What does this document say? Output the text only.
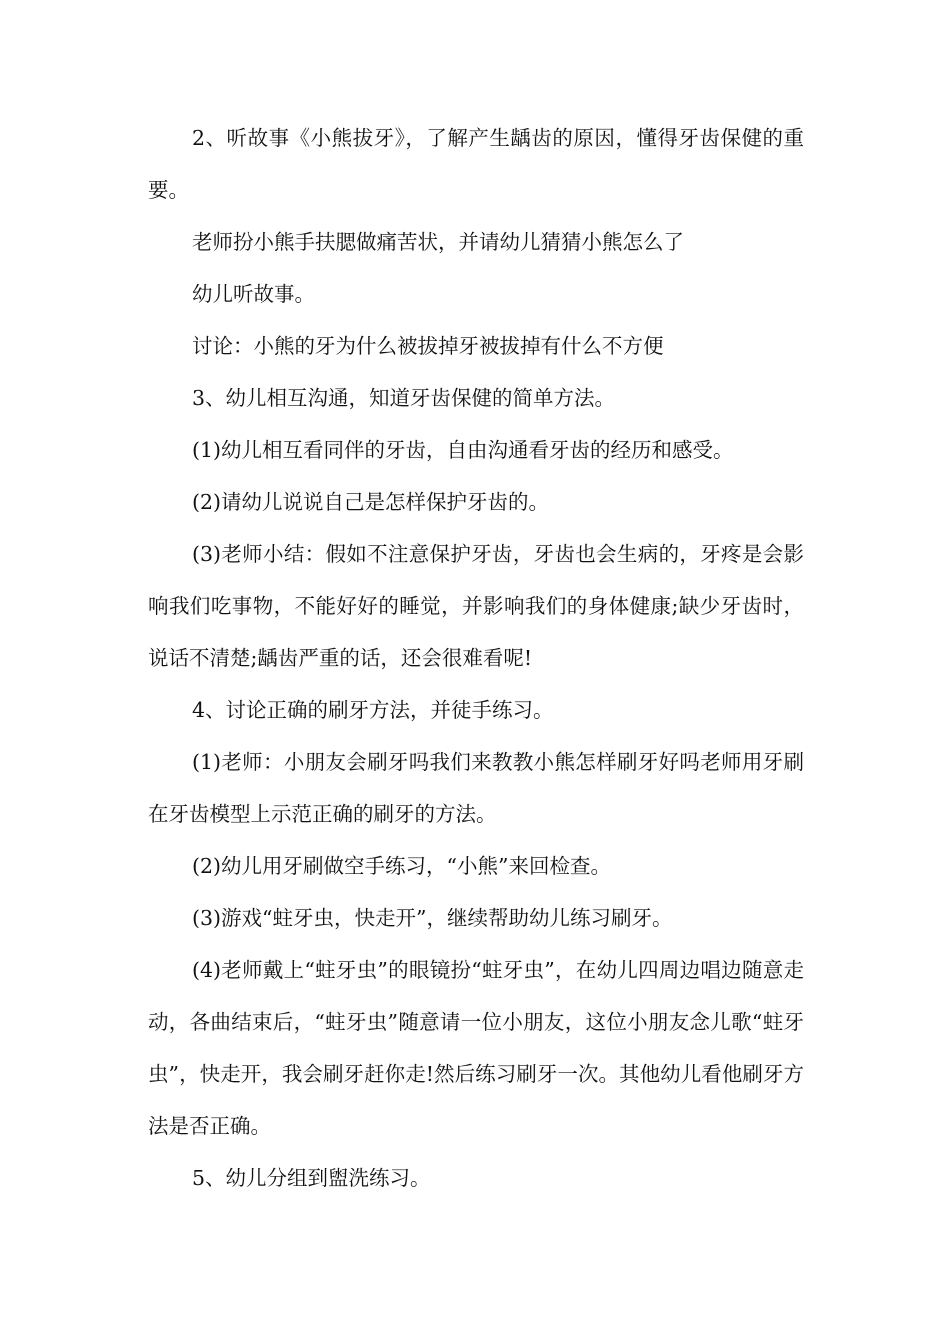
2、听故事《小熊拔牙》，了解产生龋齿的原因，懂得牙齿保健的重要。

老师扮小熊手扶腮做痛苦状，并请幼儿猜猜小熊怎么了

幼儿听故事。

讨论：小熊的牙为什么被拔掉牙被拔掉有什么不方便

3、幼儿相互沟通，知道牙齿保健的简单方法。

(1)幼儿相互看同伴的牙齿，自由沟通看牙齿的经历和感受。

(2)请幼儿说说自己是怎样保护牙齿的。

(3)老师小结：假如不注意保护牙齿，牙齿也会生病的，牙疼是会影响我们吃事物，不能好好的睡觉，并影响我们的身体健康;缺少牙齿时，说话不清楚;龋齿严重的话，还会很难看呢!

4、讨论正确的刷牙方法，并徒手练习。

(1)老师：小朋友会刷牙吗我们来教教小熊怎样刷牙好吗老师用牙刷在牙齿模型上示范正确的刷牙的方法。

(2)幼儿用牙刷做空手练习，“小熊”来回检查。

(3)游戏“蛀牙虫，快走开”，继续帮助幼儿练习刷牙。

(4)老师戴上“蛀牙虫”的眼镜扮“蛀牙虫”，在幼儿四周边唱边随意走动，各曲结束后，“蛀牙虫”随意请一位小朋友，这位小朋友念儿歌“蛀牙虫”，快走开，我会刷牙赶你走!然后练习刷牙一次。其他幼儿看他刷牙方法是否正确。

5、幼儿分组到盥洗练习。
